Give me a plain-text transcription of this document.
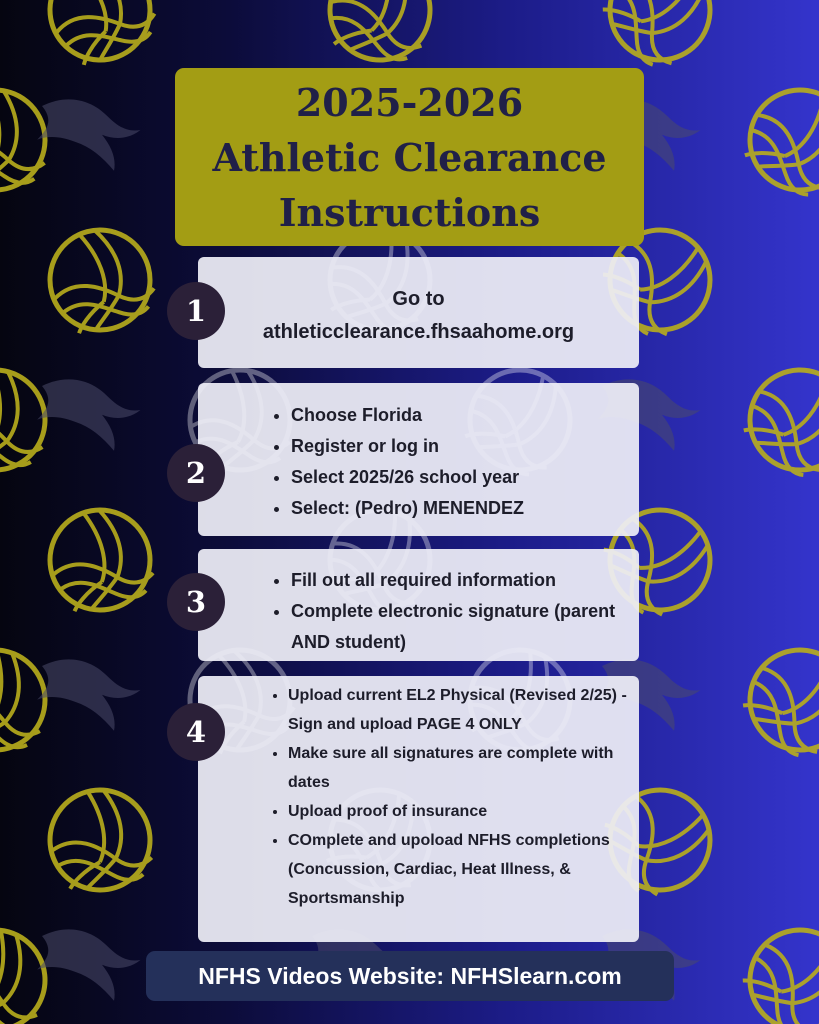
2025-2026
Athletic Clearance
Instructions
Go to
athleticclearance.fhsaahome.org
1
• Choose Florida
• Register or log in
• Select 2025/26 school year
• Select: (Pedro) MENENDEZ
2
• Fill out all required information
• Complete electronic signature (parent AND student)
3
• Upload current EL2 Physical (Revised 2/25) - Sign and upload PAGE 4 ONLY
• Make sure all signatures are complete with dates
• Upload proof of insurance
• COmplete and upoload NFHS completions (Concussion, Cardiac, Heat Illness, & Sportsmanship
4
NFHS Videos Website: NFHSlearn.com
